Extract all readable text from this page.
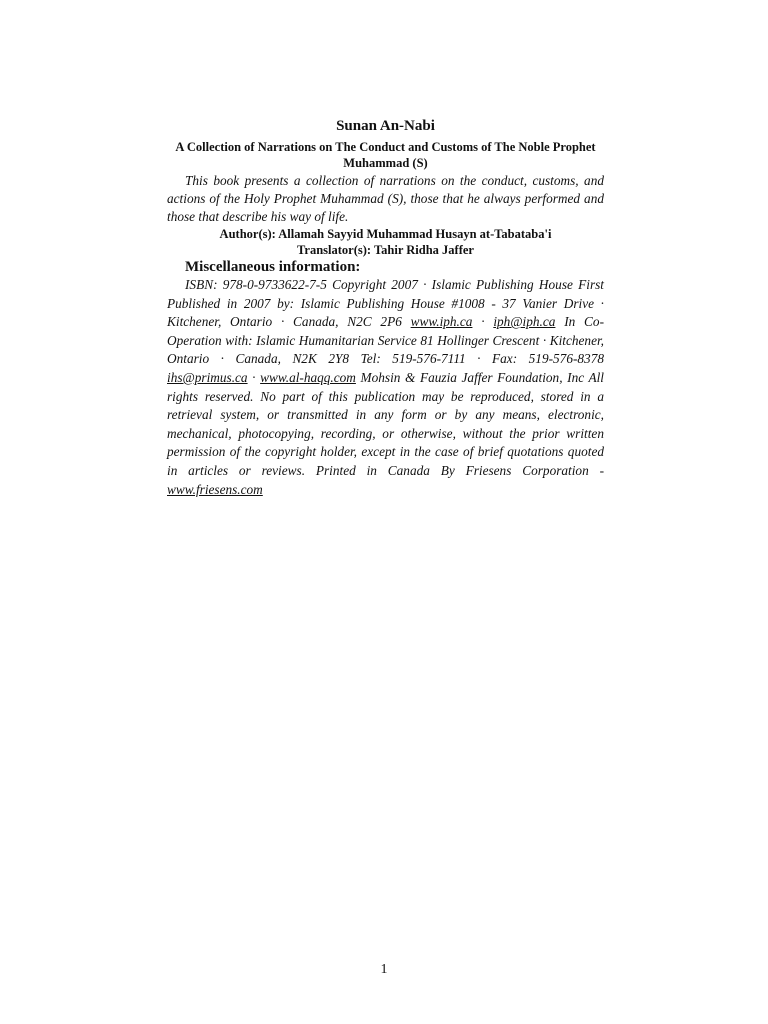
Sunan An-Nabi
A Collection of Narrations on The Conduct and Customs of The Noble Prophet Muhammad (S)

This book presents a collection of narrations on the conduct, customs, and actions of the Holy Prophet Muhammad (S), those that he always performed and those that describe his way of life.

Author(s): Allamah Sayyid Muhammad Husayn at-Tabataba'i
Translator(s): Tahir Ridha Jaffer
Miscellaneous information:

ISBN: 978-0-9733622-7-5 Copyright 2007 · Islamic Publishing House First Published in 2007 by: Islamic Publishing House #1008 - 37 Vanier Drive · Kitchener, Ontario · Canada, N2C 2P6 www.iph.ca · iph@iph.ca In Co-Operation with: Islamic Humanitarian Service 81 Hollinger Crescent · Kitchener, Ontario · Canada, N2K 2Y8 Tel: 519-576-7111 · Fax: 519-576-8378 ihs@primus.ca · www.al-haqq.com Mohsin & Fauzia Jaffer Foundation, Inc All rights reserved. No part of this publication may be reproduced, stored in a retrieval system, or transmitted in any form or by any means, electronic, mechanical, photocopying, recording, or otherwise, without the prior written permission of the copyright holder, except in the case of brief quotations quoted in articles or reviews. Printed in Canada By Friesens Corporation - www.friesens.com

1
